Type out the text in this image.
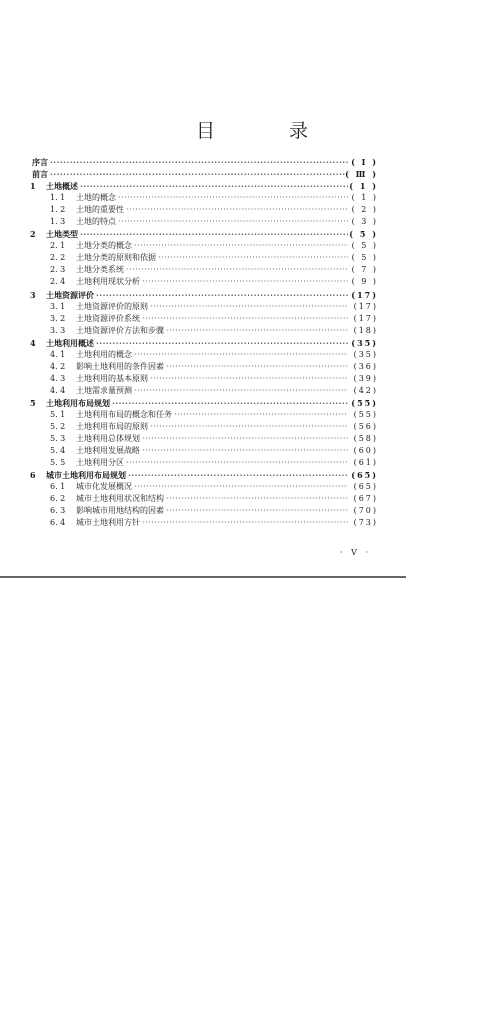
目 录
序言 ·····	( I )
前言 ·····	( Ⅲ )
1	土地概述 ·····	( 1 )
1. 1	土地的概念 ·····	( 1 )
1. 2	土地的重要性 ·····	( 2 )
1. 3	土地的特点 ·····	( 3 )
2	土地类型 ·····	( 5 )
2. 1	土地分类的概念 ·····	( 5 )
2. 2	土地分类的原则和依据 ·····	( 5 )
2. 3	土地分类系统 ·····	( 7 )
2. 4	土地利用现状分析 ·····	( 9 )
3	土地资源评价 ·····	(17)
3. 1	土地资源评价的原则 ·····	(17)
3. 2	土地资源评价系统 ·····	(17)
3. 3	土地资源评价方法和步骤 ·····	(18)
4	土地利用概述 ·····	(35)
4. 1	土地利用的概念 ·····	(35)
4. 2	影响土地利用的条件因素 ·····	(36)
4. 3	土地利用的基本原则 ·····	(39)
4. 4	土地需求量预测 ·····	(42)
5	土地利用布局规划 ·····	(55)
5. 1	土地利用布局的概念和任务 ·····	(55)
5. 2	土地利用布局的原则 ·····	(56)
5. 3	土地利用总体规划 ·····	(58)
5. 4	土地利用发展战略 ·····	(60)
5. 5	土地利用分区 ·····	(61)
6	城市土地利用布局规划 ·····	(65)
6. 1	城市化发展概况 ·····	(65)
6. 2	城市土地利用状况和结构 ·····	(67)
6. 3	影响城市用地结构的因素 ·····	(70)
6. 4	城市土地利用方针 ·····	(73)
· V ·
